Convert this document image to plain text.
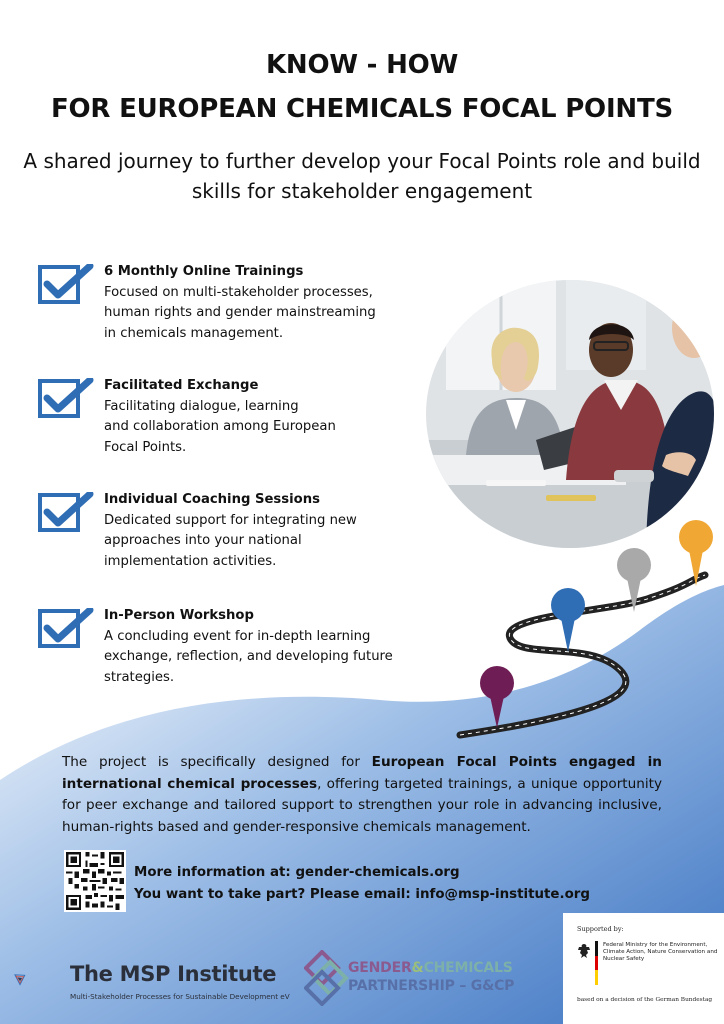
KNOW - HOW
FOR EUROPEAN CHEMICALS FOCAL POINTS

A shared journey to further develop your Focal Points role and build skills for stakeholder engagement

6 Monthly Online Trainings
Focused on multi-stakeholder processes,
human rights and gender mainstreaming
in chemicals management.
Facilitated Exchange
Facilitating dialogue, learning
and collaboration among European
Focal Points.
Individual Coaching Sessions
Dedicated support for integrating new
approaches into your national
implementation activities.
In-Person Workshop
A concluding event for in-depth learning
exchange, reflection, and developing future
strategies.

The project is specifically designed for European Focal Points engaged in international chemical processes, offering targeted trainings, a unique opportunity for peer exchange and tailored support to strengthen your role in advancing inclusive, human-rights based and gender-responsive chemicals management.

More information at: gender-chemicals.org
You want to take part? Please email: info@msp-institute.org
The MSP Institute
Multi-Stakeholder Processes for Sustainable Development eV
GENDER&CHEMICALS
PARTNERSHIP – G&CP
Supported by:
Federal Ministry for the Environment, Climate Action, Nature Conservation and Nuclear Safety
based on a decision of the German Bundestag
